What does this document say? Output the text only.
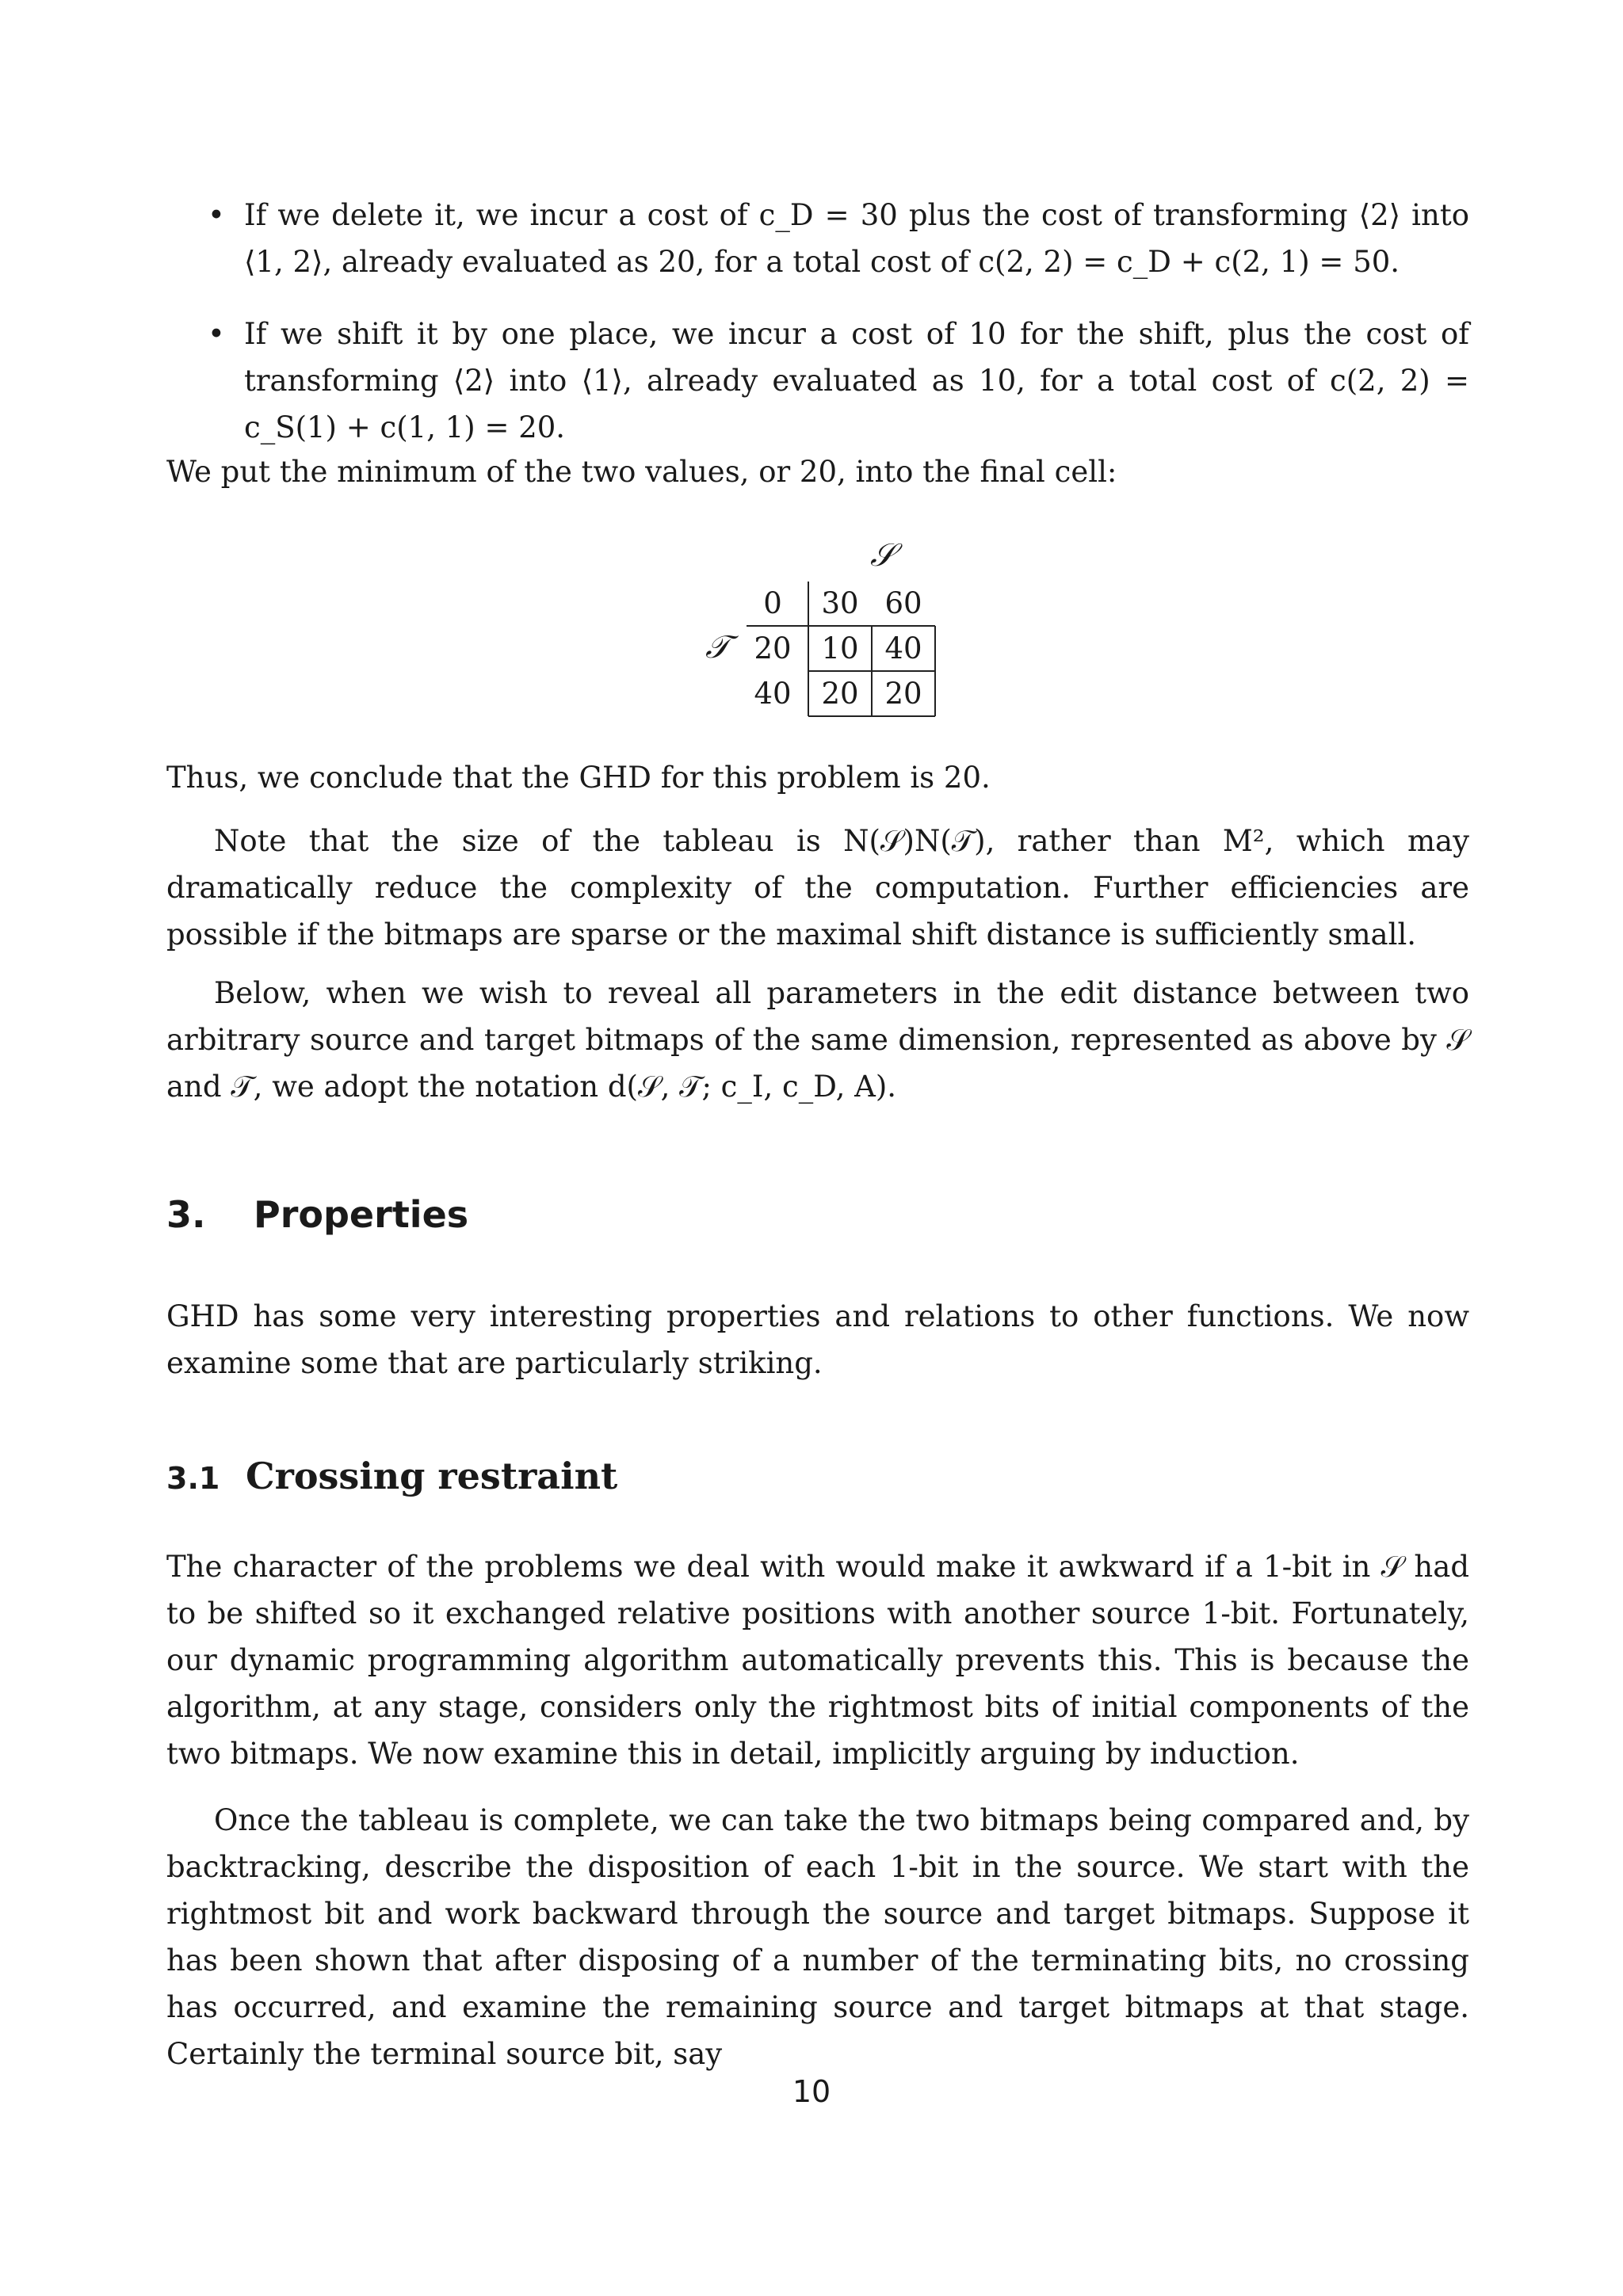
• If we delete it, we incur a cost of c_D = 30 plus the cost of transforming ⟨2⟩ into ⟨1, 2⟩, already evaluated as 20, for a total cost of c(2, 2) = c_D + c(2, 1) = 50.
• If we shift it by one place, we incur a cost of 10 for the shift, plus the cost of transforming ⟨2⟩ into ⟨1⟩, already evaluated as 10, for a total cost of c(2, 2) = c_S(1) + c(1, 1) = 20.
We put the minimum of the two values, or 20, into the final cell:
𝒮
𝒯
0	30 60
20	10 40
40	20 20
Thus, we conclude that the GHD for this problem is 20.
Note that the size of the tableau is N(𝒮)N(𝒯), rather than M², which may dramatically reduce the complexity of the computation. Further efficiencies are possible if the bitmaps are sparse or the maximal shift distance is sufficiently small.
Below, when we wish to reveal all parameters in the edit distance between two arbitrary source and target bitmaps of the same dimension, represented as above by 𝒮 and 𝒯, we adopt the notation d(𝒮, 𝒯; c_I, c_D, A).
3. Properties
GHD has some very interesting properties and relations to other functions. We now examine some that are particularly striking.
3.1 Crossing restraint
The character of the problems we deal with would make it awkward if a 1-bit in 𝒮 had to be shifted so it exchanged relative positions with another source 1-bit. Fortunately, our dynamic programming algorithm automatically prevents this. This is because the algorithm, at any stage, considers only the rightmost bits of initial components of the two bitmaps. We now examine this in detail, implicitly arguing by induction.
Once the tableau is complete, we can take the two bitmaps being compared and, by backtracking, describe the disposition of each 1-bit in the source. We start with the rightmost bit and work backward through the source and target bitmaps. Suppose it has been shown that after disposing of a number of the terminating bits, no crossing has occurred, and examine the remaining source and target bitmaps at that stage. Certainly the terminal source bit, say
10
